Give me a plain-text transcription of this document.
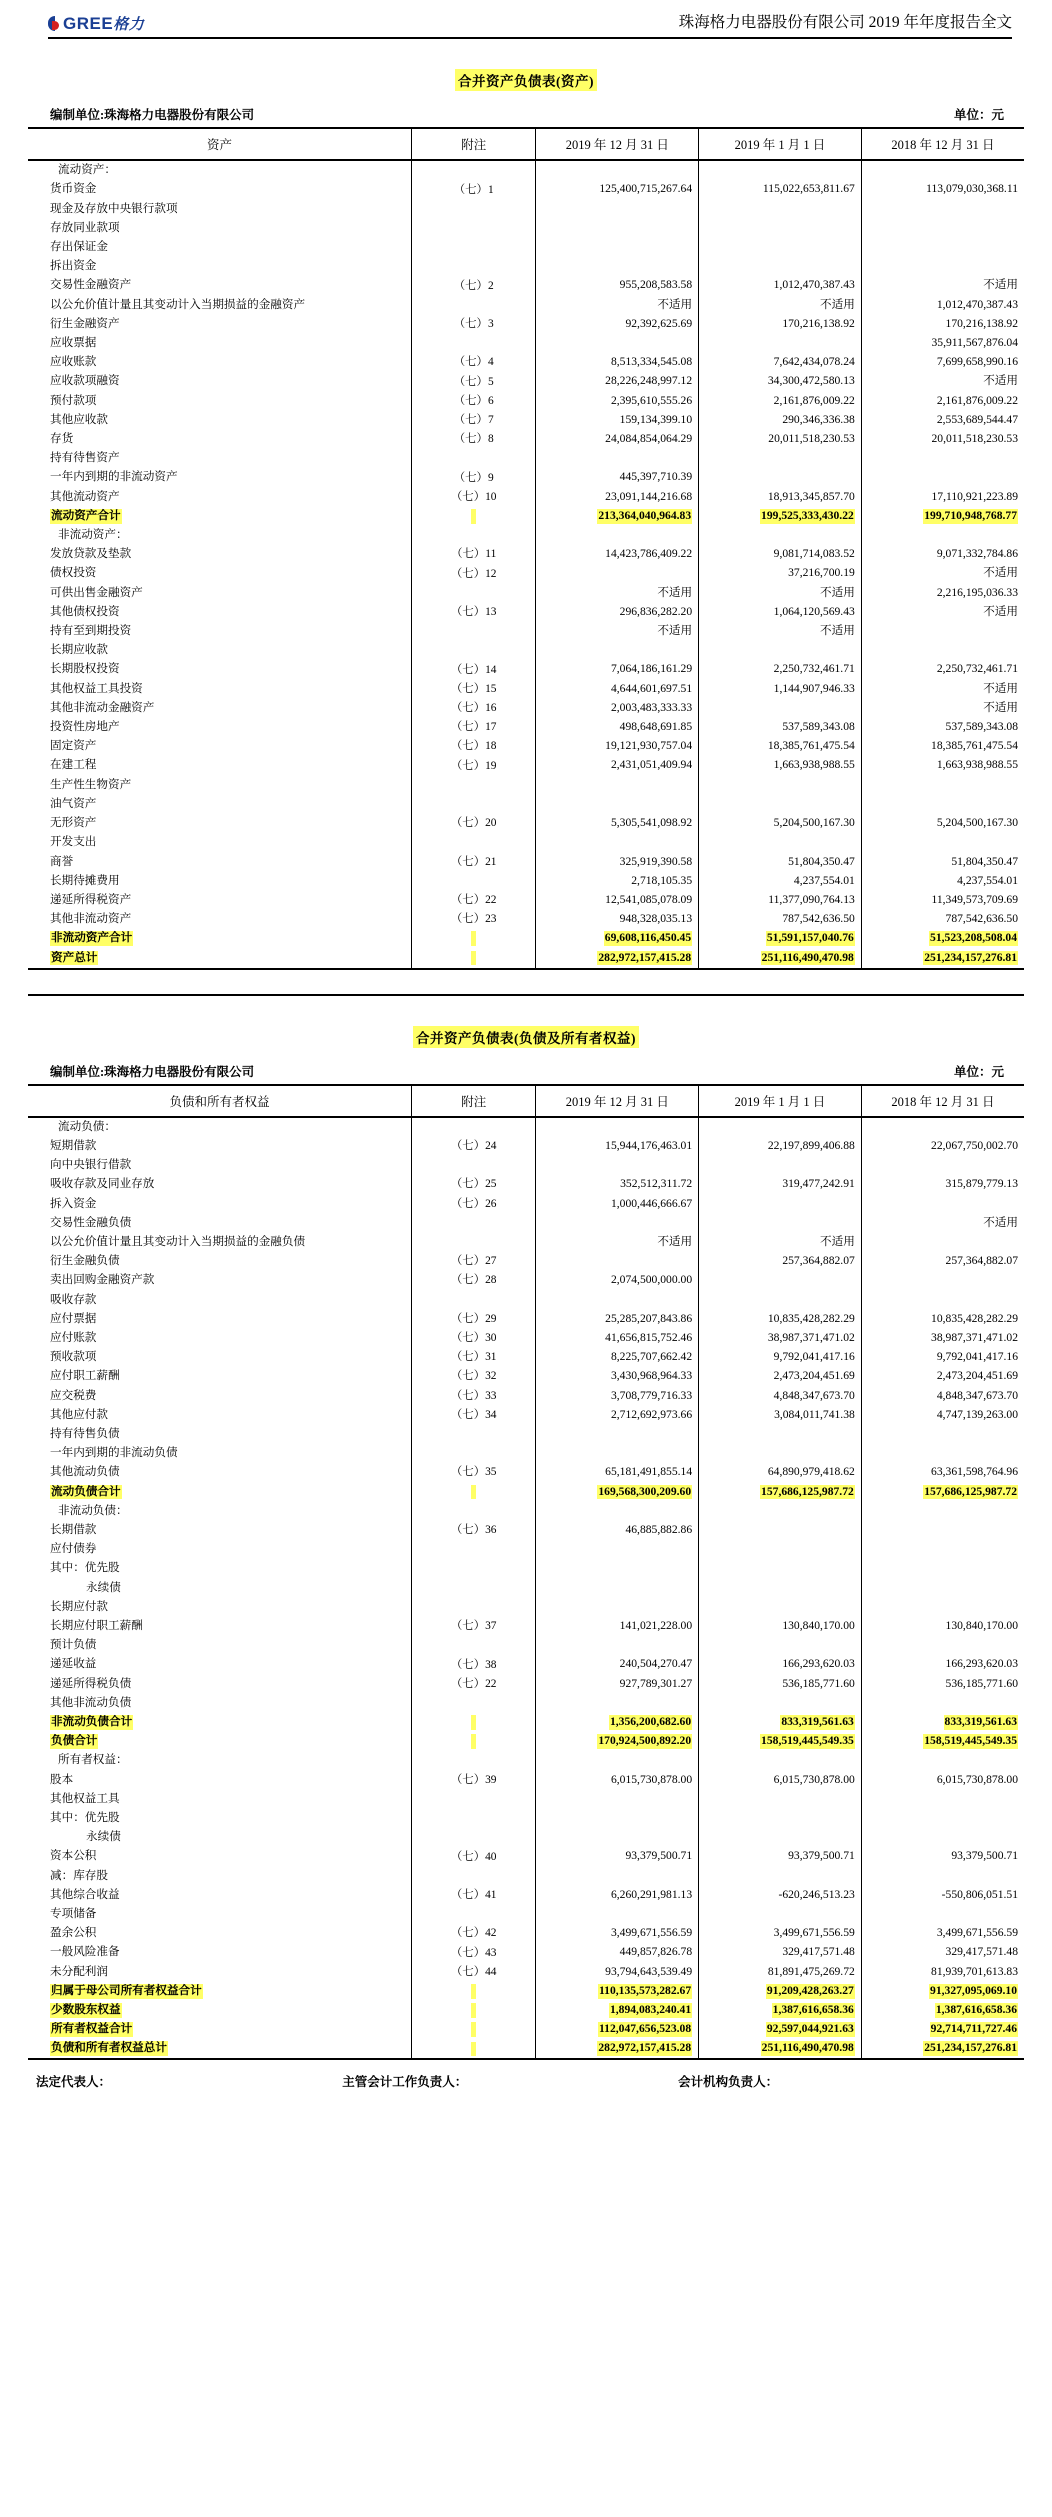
GREE 格力	珠海格力电器股份有限公司 2019 年年度报告全文
合并资产负债表(资产)
编制单位:珠海格力电器股份有限公司	单位：元
资产	附注	2019 年 12 月 31 日	2019 年 1 月 1 日	2018 年 12 月 31 日
流动资产：				
货币资金	（七）1	125,400,715,267.64	115,022,653,811.67	113,079,030,368.11
现金及存放中央银行款项				
存放同业款项				
存出保证金				
拆出资金				
交易性金融资产	（七）2	955,208,583.58	1,012,470,387.43	不适用
以公允价值计量且其变动计入当期损益的金融资产		不适用	不适用	1,012,470,387.43
衍生金融资产	（七）3	92,392,625.69	170,216,138.92	170,216,138.92
应收票据				35,911,567,876.04
应收账款	（七）4	8,513,334,545.08	7,642,434,078.24	7,699,658,990.16
应收款项融资	（七）5	28,226,248,997.12	34,300,472,580.13	不适用
预付款项	（七）6	2,395,610,555.26	2,161,876,009.22	2,161,876,009.22
其他应收款	（七）7	159,134,399.10	290,346,336.38	2,553,689,544.47
存货	（七）8	24,084,854,064.29	20,011,518,230.53	20,011,518,230.53
持有待售资产				
一年内到期的非流动资产	（七）9	445,397,710.39		
其他流动资产	（七）10	23,091,144,216.68	18,913,345,857.70	17,110,921,223.89
流动资产合计		213,364,040,964.83	199,525,333,430.22	199,710,948,768.77
非流动资产：				
发放贷款及垫款	（七）11	14,423,786,409.22	9,081,714,083.52	9,071,332,784.86
债权投资	（七）12		37,216,700.19	不适用
可供出售金融资产		不适用	不适用	2,216,195,036.33
其他债权投资	（七）13	296,836,282.20	1,064,120,569.43	不适用
持有至到期投资		不适用	不适用	
长期应收款				
长期股权投资	（七）14	7,064,186,161.29	2,250,732,461.71	2,250,732,461.71
其他权益工具投资	（七）15	4,644,601,697.51	1,144,907,946.33	不适用
其他非流动金融资产	（七）16	2,003,483,333.33		不适用
投资性房地产	（七）17	498,648,691.85	537,589,343.08	537,589,343.08
固定资产	（七）18	19,121,930,757.04	18,385,761,475.54	18,385,761,475.54
在建工程	（七）19	2,431,051,409.94	1,663,938,988.55	1,663,938,988.55
生产性生物资产				
油气资产				
无形资产	（七）20	5,305,541,098.92	5,204,500,167.30	5,204,500,167.30
开发支出				
商誉	（七）21	325,919,390.58	51,804,350.47	51,804,350.47
长期待摊费用		2,718,105.35	4,237,554.01	4,237,554.01
递延所得税资产	（七）22	12,541,085,078.09	11,377,090,764.13	11,349,573,709.69
其他非流动资产	（七）23	948,328,035.13	787,542,636.50	787,542,636.50
非流动资产合计		69,608,116,450.45	51,591,157,040.76	51,523,208,508.04
资产总计		282,972,157,415.28	251,116,490,470.98	251,234,157,276.81
合并资产负债表(负债及所有者权益)
编制单位:珠海格力电器股份有限公司	单位：元
负债和所有者权益	附注	2019 年 12 月 31 日	2019 年 1 月 1 日	2018 年 12 月 31 日
流动负债：				
短期借款	（七）24	15,944,176,463.01	22,197,899,406.88	22,067,750,002.70
向中央银行借款				
吸收存款及同业存放	（七）25	352,512,311.72	319,477,242.91	315,879,779.13
拆入资金	（七）26	1,000,446,666.67		
交易性金融负债				不适用
以公允价值计量且其变动计入当期损益的金融负债		不适用	不适用	
衍生金融负债	（七）27		257,364,882.07	257,364,882.07
卖出回购金融资产款	（七）28	2,074,500,000.00		
吸收存款				
应付票据	（七）29	25,285,207,843.86	10,835,428,282.29	10,835,428,282.29
应付账款	（七）30	41,656,815,752.46	38,987,371,471.02	38,987,371,471.02
预收款项	（七）31	8,225,707,662.42	9,792,041,417.16	9,792,041,417.16
应付职工薪酬	（七）32	3,430,968,964.33	2,473,204,451.69	2,473,204,451.69
应交税费	（七）33	3,708,779,716.33	4,848,347,673.70	4,848,347,673.70
其他应付款	（七）34	2,712,692,973.66	3,084,011,741.38	4,747,139,263.00
持有待售负债				
一年内到期的非流动负债				
其他流动负债	（七）35	65,181,491,855.14	64,890,979,418.62	63,361,598,764.96
流动负债合计		169,568,300,209.60	157,686,125,987.72	157,686,125,987.72
非流动负债：				
长期借款	（七）36	46,885,882.86		
应付债券				
其中：优先股				
永续债				
长期应付款				
长期应付职工薪酬	（七）37	141,021,228.00	130,840,170.00	130,840,170.00
预计负债				
递延收益	（七）38	240,504,270.47	166,293,620.03	166,293,620.03
递延所得税负债	（七）22	927,789,301.27	536,185,771.60	536,185,771.60
其他非流动负债				
非流动负债合计		1,356,200,682.60	833,319,561.63	833,319,561.63
负债合计		170,924,500,892.20	158,519,445,549.35	158,519,445,549.35
所有者权益：				
股本	（七）39	6,015,730,878.00	6,015,730,878.00	6,015,730,878.00
其他权益工具				
其中：优先股				
永续债				
资本公积	（七）40	93,379,500.71	93,379,500.71	93,379,500.71
减：库存股				
其他综合收益	（七）41	6,260,291,981.13	-620,246,513.23	-550,806,051.51
专项储备				
盈余公积	（七）42	3,499,671,556.59	3,499,671,556.59	3,499,671,556.59
一般风险准备	（七）43	449,857,826.78	329,417,571.48	329,417,571.48
未分配利润	（七）44	93,794,643,539.49	81,891,475,269.72	81,939,701,613.83
归属于母公司所有者权益合计		110,135,573,282.67	91,209,428,263.27	91,327,095,069.10
少数股东权益		1,894,083,240.41	1,387,616,658.36	1,387,616,658.36
所有者权益合计		112,047,656,523.08	92,597,044,921.63	92,714,711,727.46
负债和所有者权益总计		282,972,157,415.28	251,116,490,470.98	251,234,157,276.81
法定代表人：	主管会计工作负责人：	会计机构负责人：
